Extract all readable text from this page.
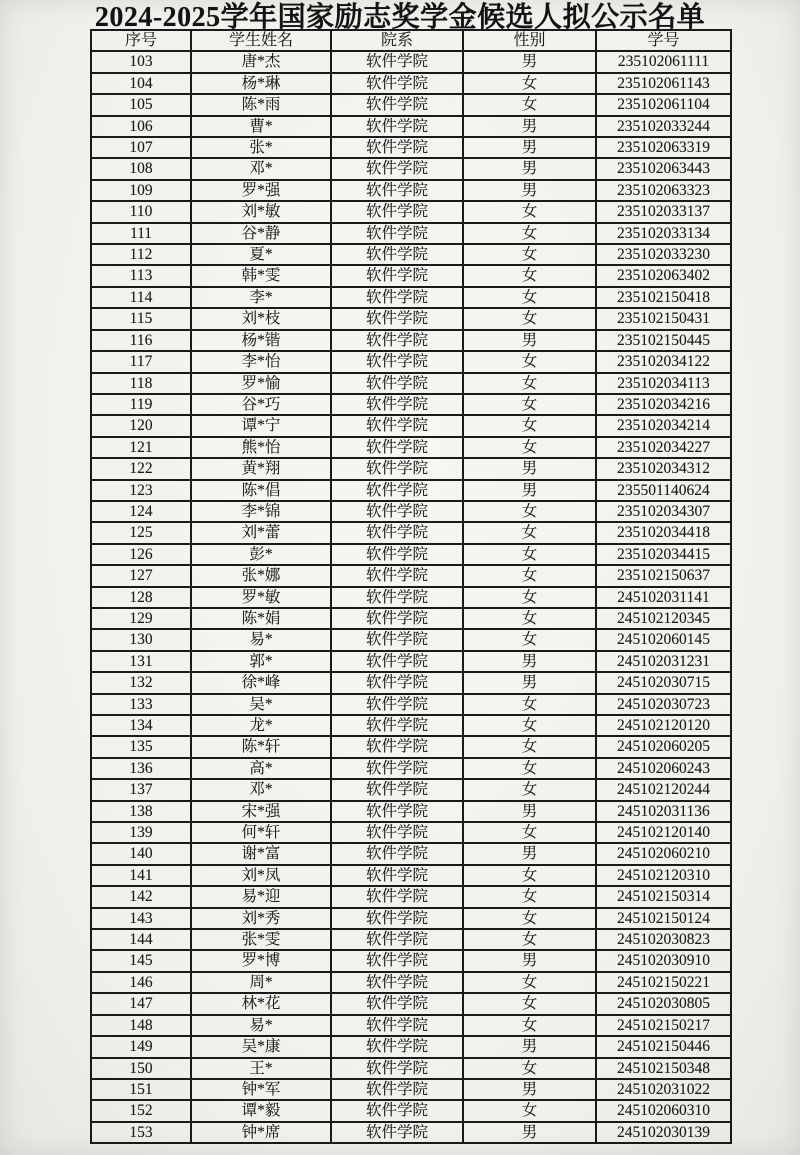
2024-2025学年国家励志奖学金候选人拟公示名单
序号	学生姓名	院系	性别	学号
103	唐*杰	软件学院	男	235102061111
104	杨*琳	软件学院	女	235102061143
105	陈*雨	软件学院	女	235102061104
106	曹*	软件学院	男	235102033244
107	张*	软件学院	男	235102063319
108	邓*	软件学院	男	235102063443
109	罗*强	软件学院	男	235102063323
110	刘*敏	软件学院	女	235102033137
111	谷*静	软件学院	女	235102033134
112	夏*	软件学院	女	235102033230
113	韩*雯	软件学院	女	235102063402
114	李*	软件学院	女	235102150418
115	刘*枝	软件学院	女	235102150431
116	杨*锴	软件学院	男	235102150445
117	李*怡	软件学院	女	235102034122
118	罗*愉	软件学院	女	235102034113
119	谷*巧	软件学院	女	235102034216
120	谭*宁	软件学院	女	235102034214
121	熊*怡	软件学院	女	235102034227
122	黄*翔	软件学院	男	235102034312
123	陈*倡	软件学院	男	235501140624
124	李*锦	软件学院	女	235102034307
125	刘*蕾	软件学院	女	235102034418
126	彭*	软件学院	女	235102034415
127	张*娜	软件学院	女	235102150637
128	罗*敏	软件学院	女	245102031141
129	陈*娟	软件学院	女	245102120345
130	易*	软件学院	女	245102060145
131	郭*	软件学院	男	245102031231
132	徐*峰	软件学院	男	245102030715
133	吴*	软件学院	女	245102030723
134	龙*	软件学院	女	245102120120
135	陈*轩	软件学院	女	245102060205
136	高*	软件学院	女	245102060243
137	邓*	软件学院	女	245102120244
138	宋*强	软件学院	男	245102031136
139	何*轩	软件学院	女	245102120140
140	谢*富	软件学院	男	245102060210
141	刘*凤	软件学院	女	245102120310
142	易*迎	软件学院	女	245102150314
143	刘*秀	软件学院	女	245102150124
144	张*雯	软件学院	女	245102030823
145	罗*博	软件学院	男	245102030910
146	周*	软件学院	女	245102150221
147	林*花	软件学院	女	245102030805
148	易*	软件学院	女	245102150217
149	吴*康	软件学院	男	245102150446
150	王*	软件学院	女	245102150348
151	钟*军	软件学院	男	245102031022
152	谭*毅	软件学院	女	245102060310
153	钟*席	软件学院	男	245102030139
